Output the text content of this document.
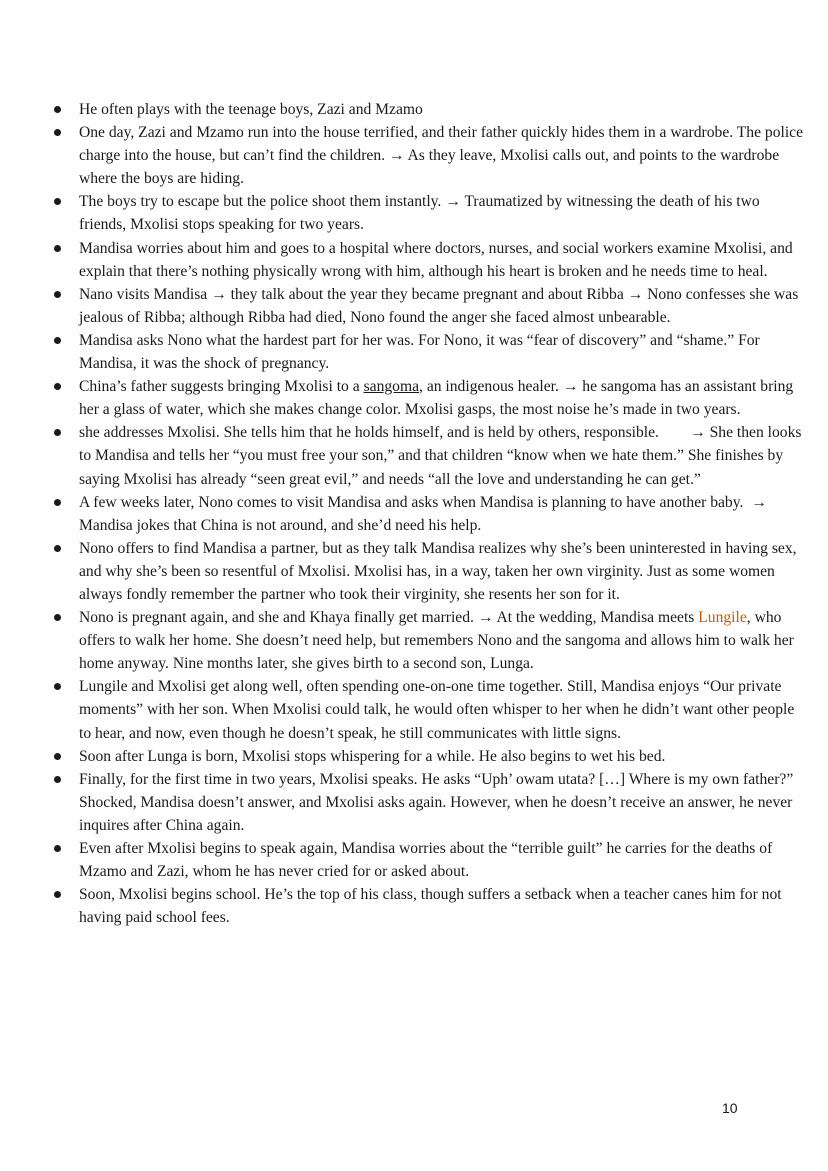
He often plays with the teenage boys, Zazi and Mzamo
One day, Zazi and Mzamo run into the house terrified, and their father quickly hides them in a wardrobe. The police charge into the house, but can’t find the children. → As they leave, Mxolisi calls out, and points to the wardrobe where the boys are hiding.
The boys try to escape but the police shoot them instantly. → Traumatized by witnessing the death of his two friends, Mxolisi stops speaking for two years.
Mandisa worries about him and goes to a hospital where doctors, nurses, and social workers examine Mxolisi, and explain that there’s nothing physically wrong with him, although his heart is broken and he needs time to heal.
Nano visits Mandisa → they talk about the year they became pregnant and about Ribba → Nono confesses she was jealous of Ribba; although Ribba had died, Nono found the anger she faced almost unbearable.
Mandisa asks Nono what the hardest part for her was. For Nono, it was “fear of discovery” and “shame.” For Mandisa, it was the shock of pregnancy.
China’s father suggests bringing Mxolisi to a sangoma, an indigenous healer. → he sangoma has an assistant bring her a glass of water, which she makes change color. Mxolisi gasps, the most noise he’s made in two years.
she addresses Mxolisi. She tells him that he holds himself, and is held by others, responsible.        → She then looks to Mandisa and tells her “you must free your son,” and that children “know when we hate them.” She finishes by saying Mxolisi has already “seen great evil,” and needs “all the love and understanding he can get.”
A few weeks later, Nono comes to visit Mandisa and asks when Mandisa is planning to have another baby.  → Mandisa jokes that China is not around, and she’d need his help.
Nono offers to find Mandisa a partner, but as they talk Mandisa realizes why she’s been uninterested in having sex, and why she’s been so resentful of Mxolisi. Mxolisi has, in a way, taken her own virginity. Just as some women always fondly remember the partner who took their virginity, she resents her son for it.
Nono is pregnant again, and she and Khaya finally get married. → At the wedding, Mandisa meets Lungile, who offers to walk her home. She doesn’t need help, but remembers Nono and the sangoma and allows him to walk her home anyway. Nine months later, she gives birth to a second son, Lunga.
Lungile and Mxolisi get along well, often spending one-on-one time together. Still, Mandisa enjoys “Our private moments” with her son. When Mxolisi could talk, he would often whisper to her when he didn’t want other people to hear, and now, even though he doesn’t speak, he still communicates with little signs.
Soon after Lunga is born, Mxolisi stops whispering for a while. He also begins to wet his bed.
Finally, for the first time in two years, Mxolisi speaks. He asks “Uph’ owam utata? […] Where is my own father?” Shocked, Mandisa doesn’t answer, and Mxolisi asks again. However, when he doesn’t receive an answer, he never inquires after China again.
Even after Mxolisi begins to speak again, Mandisa worries about the “terrible guilt” he carries for the deaths of Mzamo and Zazi, whom he has never cried for or asked about.
Soon, Mxolisi begins school. He’s the top of his class, though suffers a setback when a teacher canes him for not having paid school fees.
10
